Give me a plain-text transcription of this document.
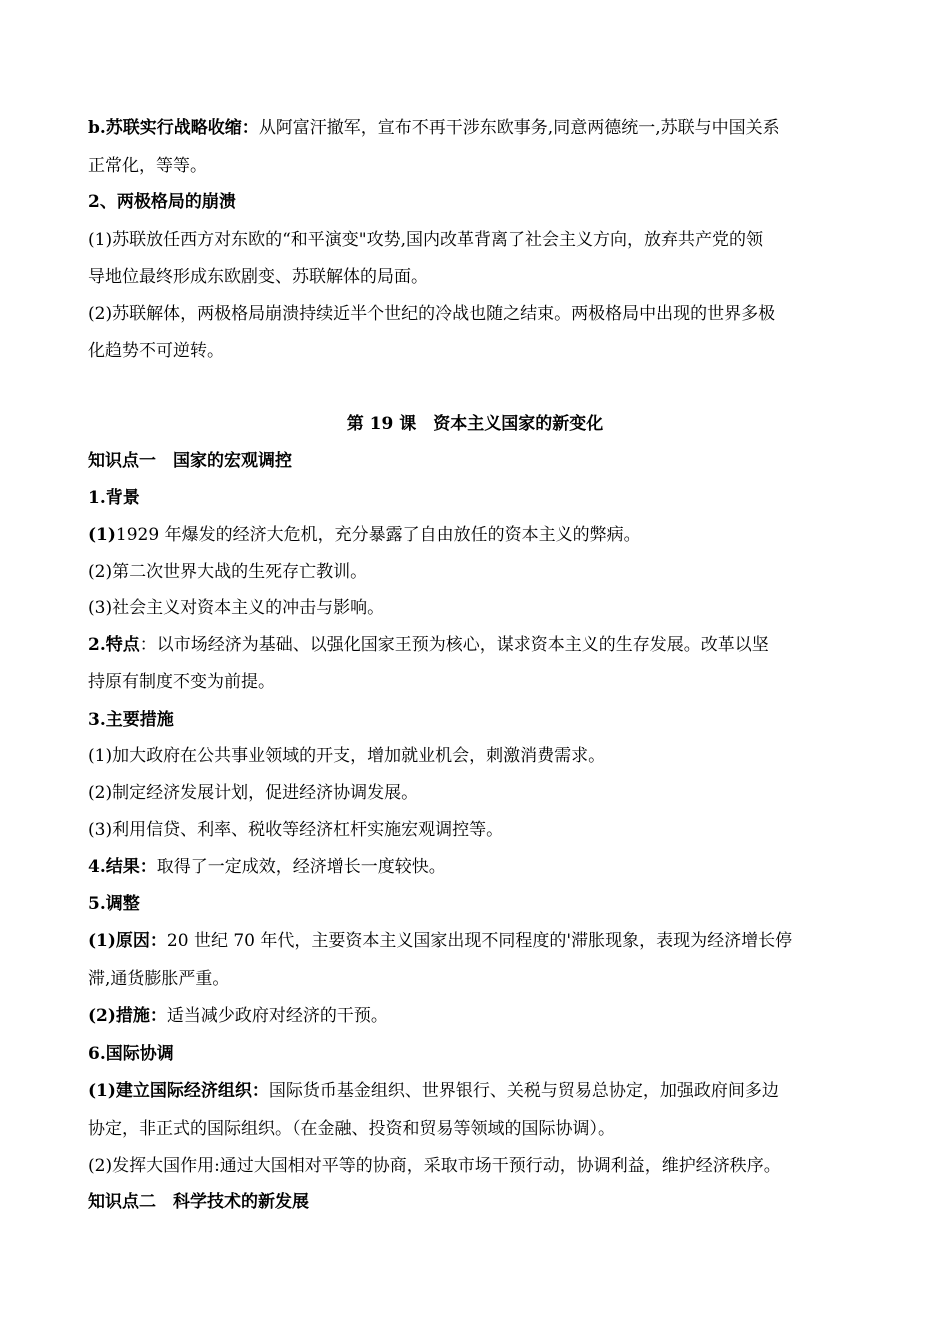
b.苏联实行战略收缩：从阿富汗撤军，宣布不再干涉东欧事务,同意两德统一,苏联与中国关系
正常化，等等。
2、两极格局的崩溃
(1)苏联放任西方对东欧的“和平演变"攻势,国内改革背离了社会主义方向，放弃共产党的领
导地位最终形成东欧剧变、苏联解体的局面。
(2)苏联解体，两极格局崩溃持续近半个世纪的冷战也随之结束。两极格局中出现的世界多极
化趋势不可逆转。
第 19 课　资本主义国家的新变化
知识点一　国家的宏观调控
1.背景
(1)1929 年爆发的经济大危机，充分暴露了自由放任的资本主义的弊病。
(2)第二次世界大战的生死存亡教训。
(3)社会主义对资本主义的冲击与影响。
2.特点：以市场经济为基础、以强化国家王预为核心，谋求资本主义的生存发展。改革以坚
持原有制度不变为前提。
3.主要措施
(1)加大政府在公共事业领域的开支，增加就业机会，刺激消费需求。
(2)制定经济发展计划，促进经济协调发展。
(3)利用信贷、利率、税收等经济杠杆实施宏观调控等。
4.结果：取得了一定成效，经济增长一度较快。
5.调整
(1)原因：20 世纪 70 年代，主要资本主义国家出现不同程度的'滞胀现象，表现为经济增长停
滞,通货膨胀严重。
(2)措施：适当减少政府对经济的干预。
6.国际协调
(1)建立国际经济组织：国际货币基金组织、世界银行、关税与贸易总协定，加强政府间多边
协定，非正式的国际组织。（在金融、投资和贸易等领域的国际协调）。
(2)发挥大国作用:通过大国相对平等的协商，采取市场干预行动，协调利益，维护经济秩序。
知识点二　科学技术的新发展
